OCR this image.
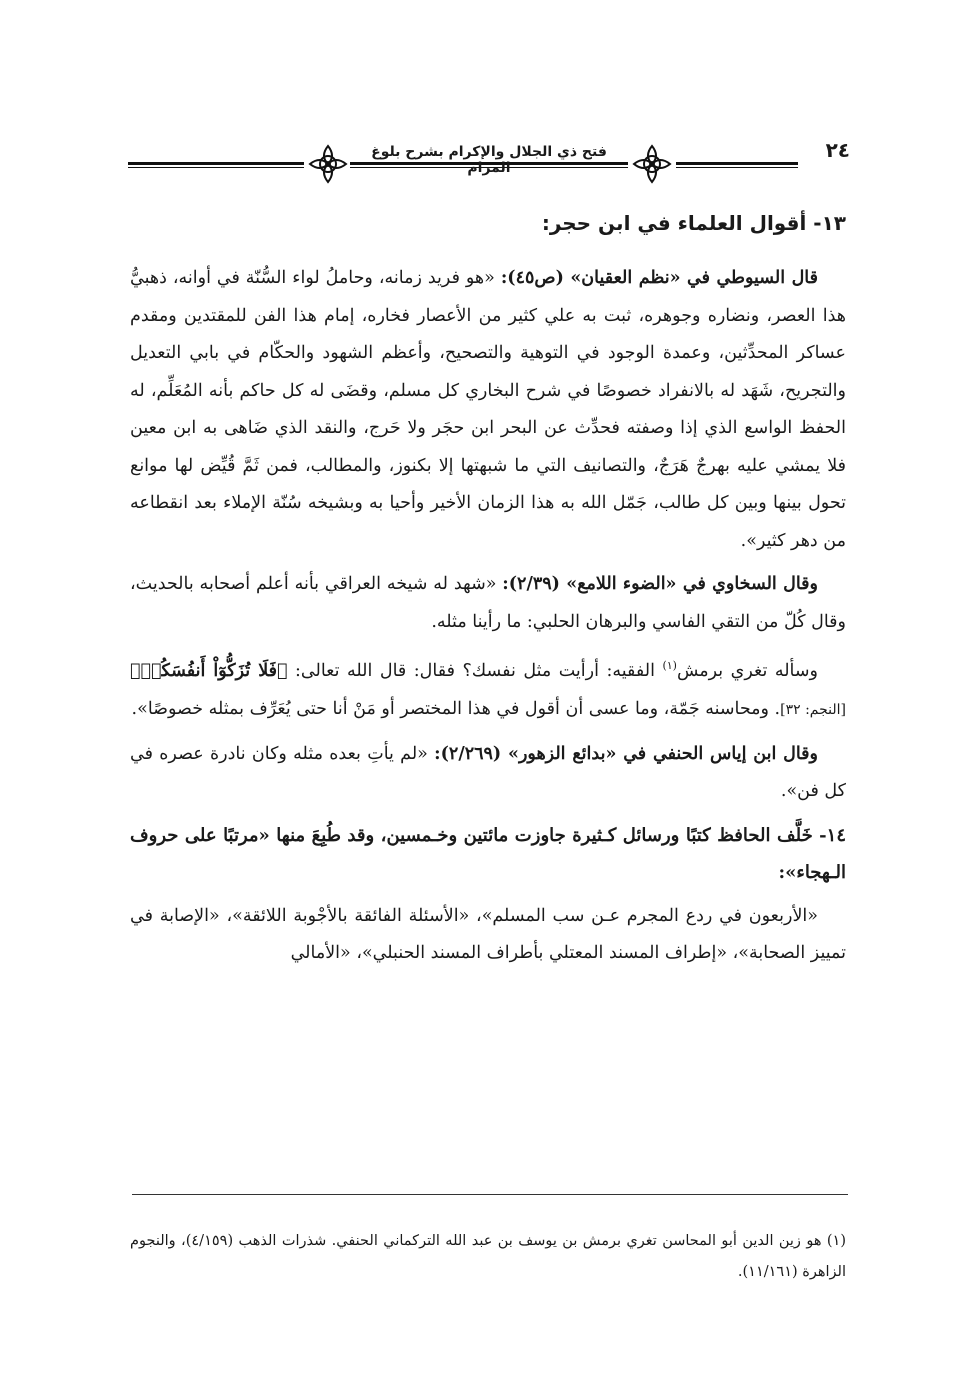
فتح ذي الجلال والإكرام بشرح بلوغ المرام
٢٤
١٣- أقوال العلماء في ابن حجر:

قال السيوطي في «نظم العقيان» (ص٤٥): «هو فريد زمانه، وحاملُ لواء السُّنّة في أوانه، ذهبيُّ هذا العصر، ونضاره وجوهره، ثبت به علي كثير من الأعصار فخاره، إمام هذا الفن للمقتدين ومقدم عساكر المحدِّثين، وعمدة الوجود في التوهية والتصحيح، وأعظم الشهود والحكّام في بابي التعديل والتجريح، شَهَد له بالانفراد خصوصًا في شرح البخاري كل مسلم، وقضَى له كل حاكم بأنه المُعَلِّم، له الحفظ الواسع الذي إذا وصفته فحدِّث عن البحر ابن حجَر ولا حَرج، والنقد الذي ضَاهى به ابن معين فلا يمشي عليه بهرجٌ هَرَجٌ، والتصانيف التي ما شبهتها إلا بكنوز، والمطالب، فمن ثَمَّ قُيِّض لها موانع تحول بينها وبين كل طالب، جَمّل الله به هذا الزمان الأخير وأحيا به وبشيخه سُنّة الإملاء بعد انقطاعه من دهر كثير».

وقال السخاوي في «الضوء اللامع» (٢/٣٩): «شهد له شيخه العراقي بأنه أعلم أصحابه بالحديث، وقال كُلّ من التقي الفاسي والبرهان الحلبي: ما رأينا مثله.

وسأله تغري برمش$^{(١)}$ الفقيه: أرأيت مثل نفسك؟ فقال: قال الله تعالى: ﴿فَلَا تُزَكُّوٓاْ أَنفُسَكُمۡ﴾ [النجم: ٣٢]. ومحاسنه جَمّة، وما عسى أن أقول في هذا المختصر أو مَنْ أنا حتى يُعَرِّف بمثله خصوصًا».

وقال ابن إياس الحنفي في «بدائع الزهور» (٢/٢٦٩): «لم يأتِ بعده مثله وكان نادرة عصره في كل فن».

١٤- خَلَّف الحافظ كتبًا ورسائل كـثيرة جاوزت مائتين وخـمسين، وقد طُبِعَ منها «مرتبًا على حروف الـهجاء»:

«الأربعون في ردع المجرم عـن سب المسلم»، «الأسئلة الفائقة بالأجْوبة اللائقة»، «الإصابة في تمييز الصحابة»، «إطراف المسند المعتلي بأطراف المسند الحنبلي»، «الأمالي

(١) هو زين الدين أبو المحاسن تغري برمش بن يوسف بن عبد الله التركماني الحنفي. شذرات الذهب (٤/١٥٩)، والنجوم الزاهرة (١١/١٦١).
